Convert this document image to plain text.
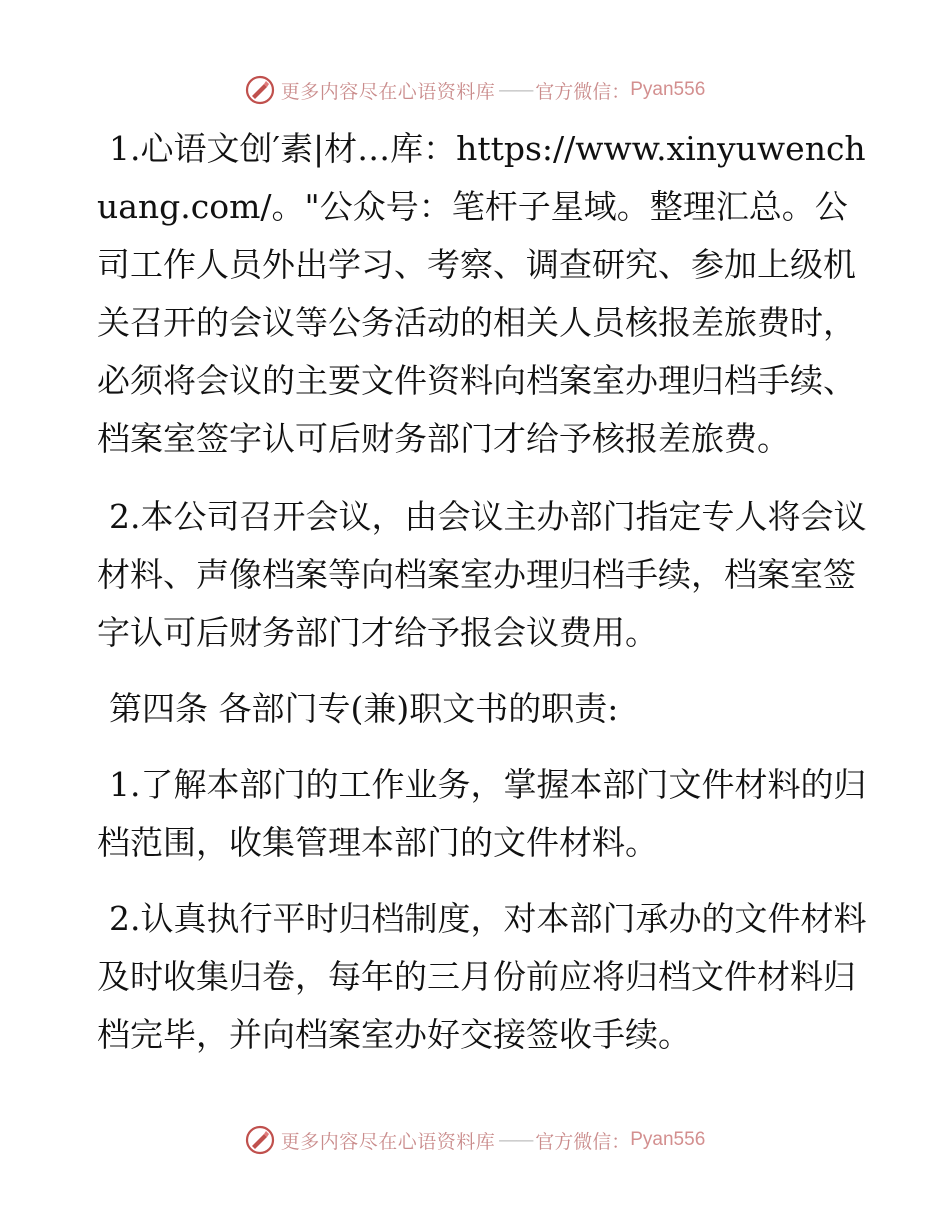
更多内容尽在心语资料库 —— 官方微信： Pyan556

1.心语文创′素|材…库：https://www.xinyuwenchuang.com/。"公众号：笔杆子星域。整理汇总。公司工作人员外出学习、考察、调查研究、参加上级机关召开的会议等公务活动的相关人员核报差旅费时，必须将会议的主要文件资料向档案室办理归档手续、档案室签字认可后财务部门才给予核报差旅费。

2.本公司召开会议，由会议主办部门指定专人将会议材料、声像档案等向档案室办理归档手续，档案室签字认可后财务部门才给予报会议费用。

第四条 各部门专(兼)职文书的职责:

1.了解本部门的工作业务，掌握本部门文件材料的归档范围，收集管理本部门的文件材料。

2.认真执行平时归档制度，对本部门承办的文件材料及时收集归卷，每年的三月份前应将归档文件材料归档完毕，并向档案室办好交接签收手续。

更多内容尽在心语资料库 —— 官方微信： Pyan556
